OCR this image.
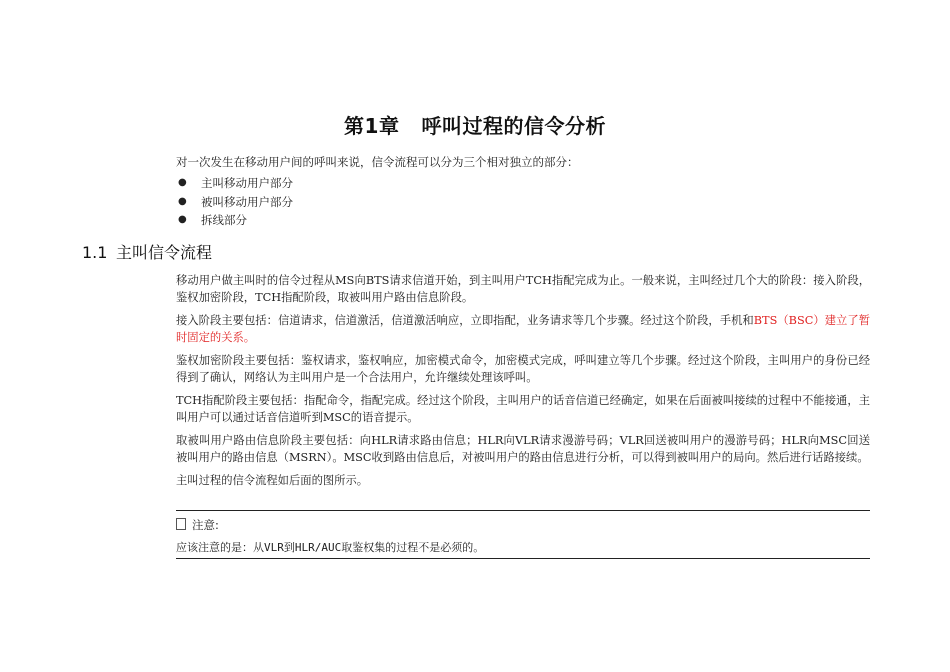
第1章 呼叫过程的信令分析
对一次发生在移动用户间的呼叫来说，信令流程可以分为三个相对独立的部分：
● 主叫移动用户部分
● 被叫移动用户部分
● 拆线部分
1.1 主叫信令流程

移动用户做主叫时的信令过程从MS向BTS请求信道开始，到主叫用户TCH指配完成为止。一般来说，主叫经过几个大的阶段：接入阶段，鉴权加密阶段，TCH指配阶段，取被叫用户路由信息阶段。

接入阶段主要包括：信道请求，信道激活，信道激活响应，立即指配，业务请求等几个步骤。经过这个阶段，手机和BTS（BSC）建立了暂时固定的关系。

鉴权加密阶段主要包括：鉴权请求，鉴权响应，加密模式命令，加密模式完成，呼叫建立等几个步骤。经过这个阶段，主叫用户的身份已经得到了确认，网络认为主叫用户是一个合法用户，允许继续处理该呼叫。

TCH指配阶段主要包括：指配命令，指配完成。经过这个阶段，主叫用户的话音信道已经确定，如果在后面被叫接续的过程中不能接通，主叫用户可以通过话音信道听到MSC的语音提示。

取被叫用户路由信息阶段主要包括：向HLR请求路由信息；HLR向VLR请求漫游号码；VLR回送被叫用户的漫游号码；HLR向MSC回送被叫用户的路由信息（MSRN）。MSC收到路由信息后，对被叫用户的路由信息进行分析，可以得到被叫用户的局向。然后进行话路接续。

主叫过程的信令流程如后面的图所示。

注意:
应该注意的是：从VLR到HLR/AUC取鉴权集的过程不是必须的。
